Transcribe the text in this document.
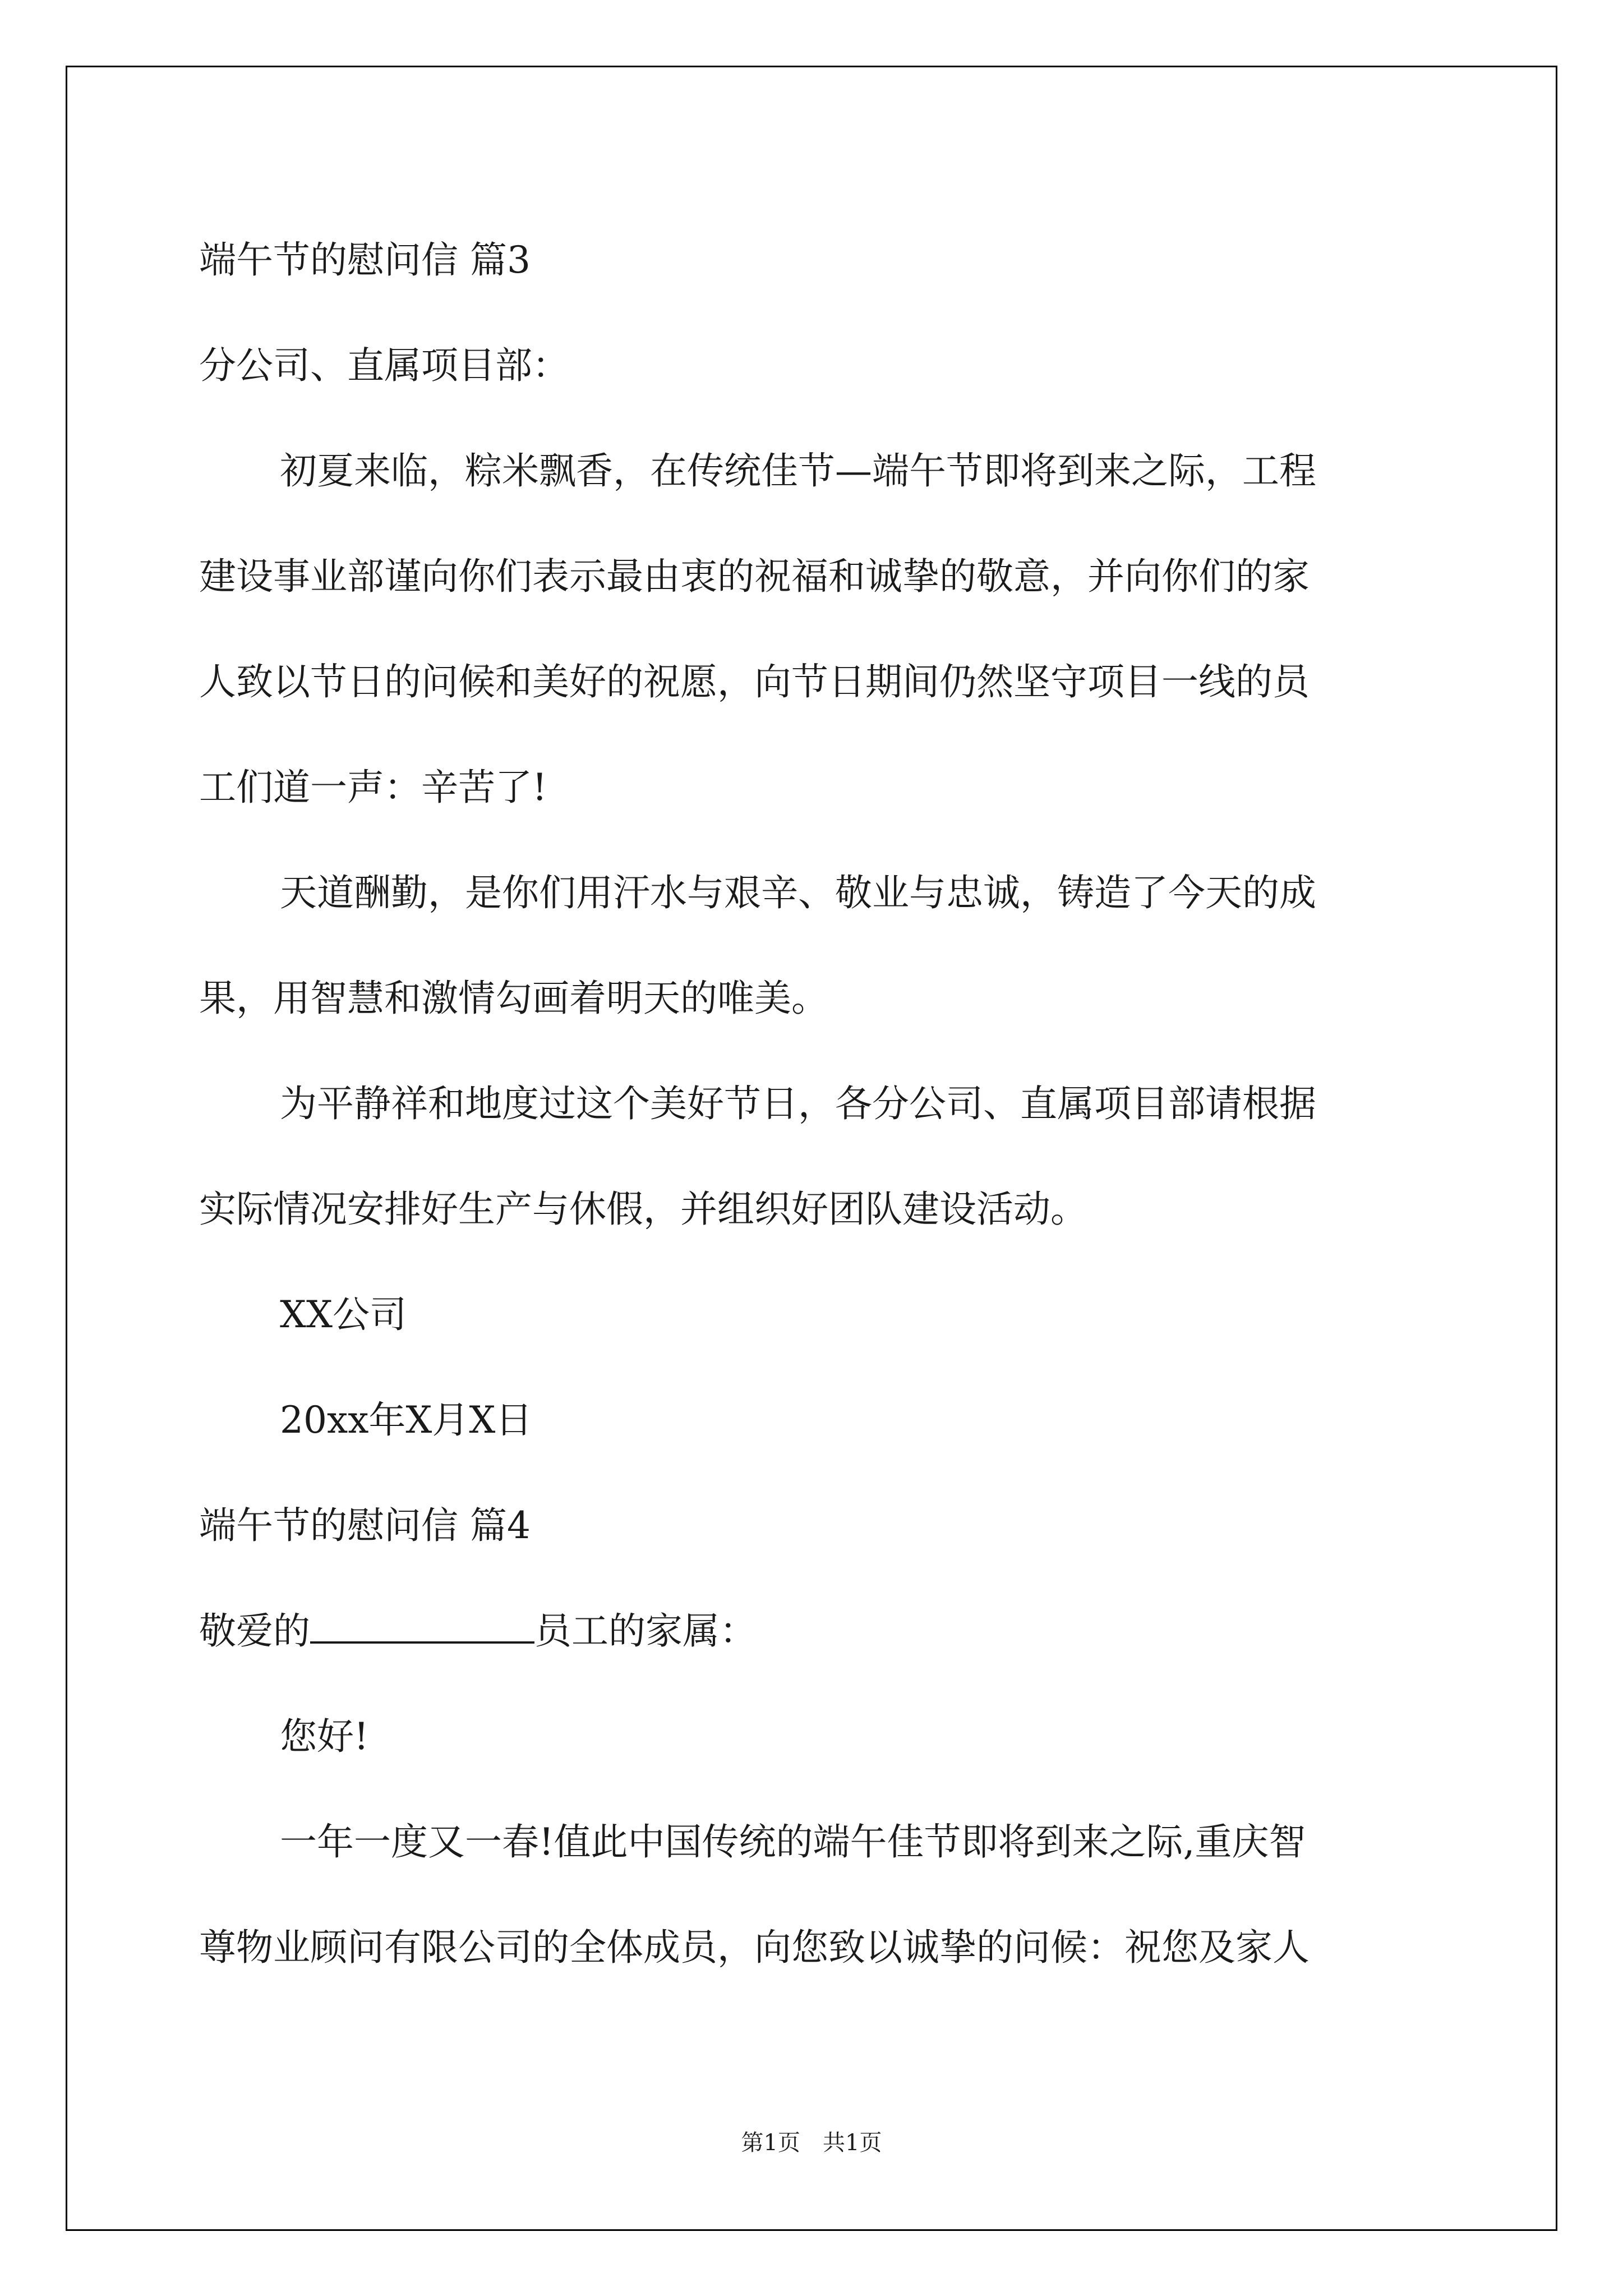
端午节的慰问信 篇3

分公司、直属项目部：

初夏来临，粽米飘香，在传统佳节—端午节即将到来之际，工程

建设事业部谨向你们表示最由衷的祝福和诚挚的敬意，并向你们的家

人致以节日的问候和美好的祝愿，向节日期间仍然坚守项目一线的员

工们道一声：辛苦了!

天道酬勤，是你们用汗水与艰辛、敬业与忠诚，铸造了今天的成

果，用智慧和激情勾画着明天的唯美。

为平静祥和地度过这个美好节日，各分公司、直属项目部请根据

实际情况安排好生产与休假，并组织好团队建设活动。

XX公司

20xx年X月X日

端午节的慰问信 篇4

敬爱的	员工的家属：

您好!

一年一度又一春!值此中国传统的端午佳节即将到来之际,重庆智

尊物业顾问有限公司的全体成员，向您致以诚挚的问候：祝您及家人

第1页　共1页
